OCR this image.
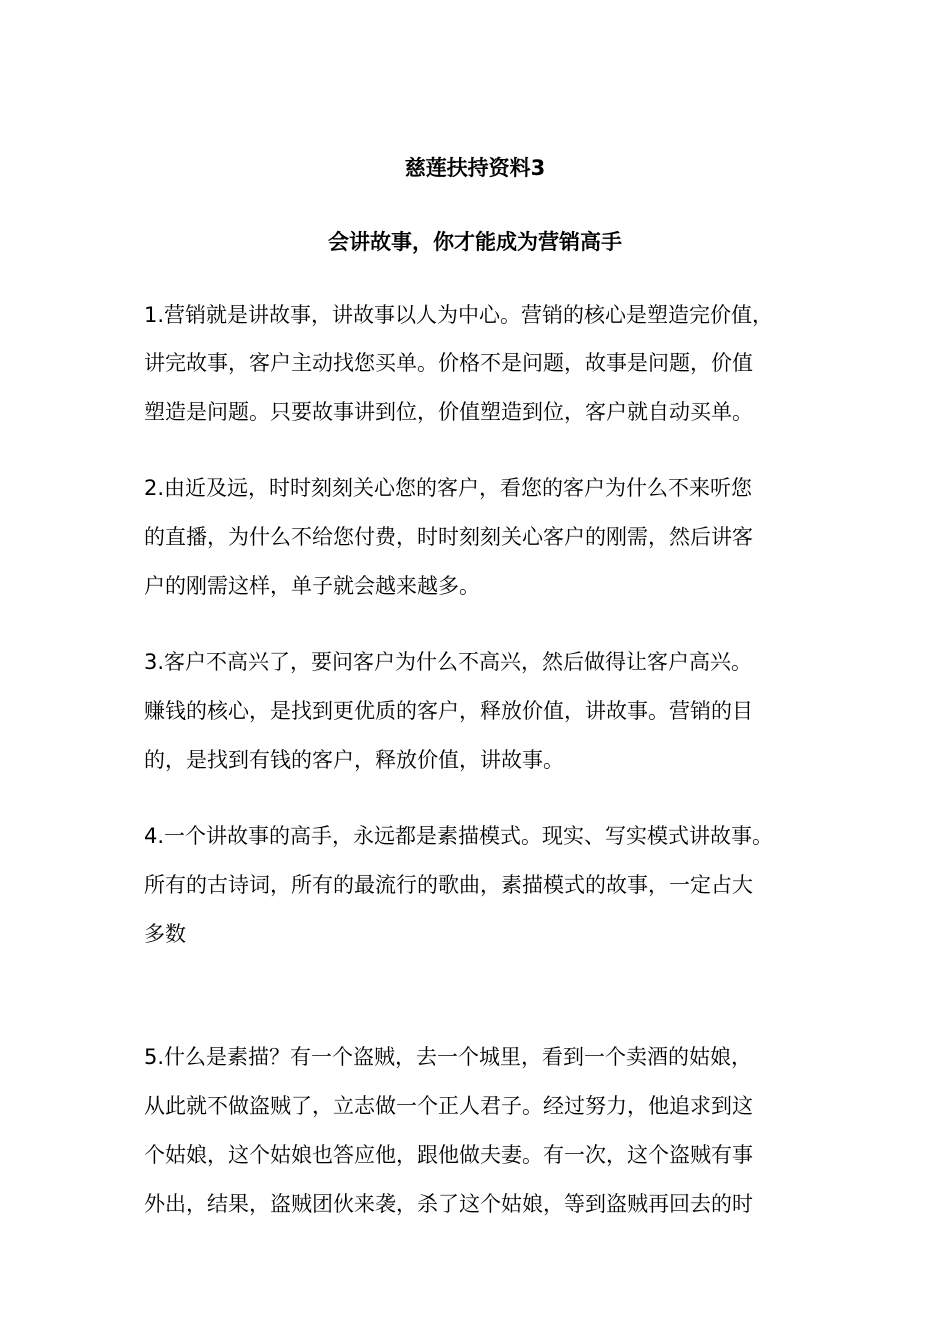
慈莲扶持资料3
会讲故事，你才能成为营销高手
1.营销就是讲故事，讲故事以人为中心。营销的核心是塑造完价值，
讲完故事，客户主动找您买单。价格不是问题，故事是问题，价值
塑造是问题。只要故事讲到位，价值塑造到位，客户就自动买单。
2.由近及远，时时刻刻关心您的客户，看您的客户为什么不来听您
的直播，为什么不给您付费，时时刻刻关心客户的刚需，然后讲客
户的刚需这样，单子就会越来越多。
3.客户不高兴了，要问客户为什么不高兴，然后做得让客户高兴。
赚钱的核心，是找到更优质的客户，释放价值，讲故事。营销的目
的，是找到有钱的客户，释放价值，讲故事。
4.一个讲故事的高手，永远都是素描模式。现实、写实模式讲故事。
所有的古诗词，所有的最流行的歌曲，素描模式的故事，一定占大
多数
5.什么是素描？有一个盗贼，去一个城里，看到一个卖酒的姑娘，
从此就不做盗贼了，立志做一个正人君子。经过努力，他追求到这
个姑娘，这个姑娘也答应他，跟他做夫妻。有一次，这个盗贼有事
外出，结果，盗贼团伙来袭，杀了这个姑娘，等到盗贼再回去的时
